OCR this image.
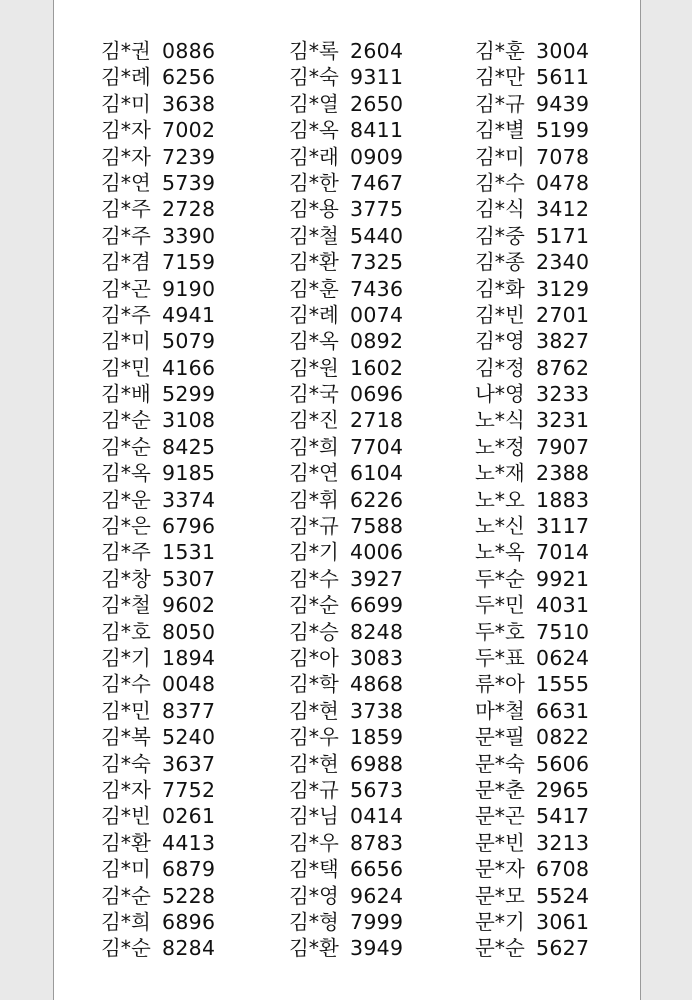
김*권 0886
김*례 6256
김*미 3638
김*자 7002
김*자 7239
김*연 5739
김*주 2728
김*주 3390
김*겸 7159
김*곤 9190
김*주 4941
김*미 5079
김*민 4166
김*배 5299
김*순 3108
김*순 8425
김*옥 9185
김*운 3374
김*은 6796
김*주 1531
김*창 5307
김*철 9602
김*호 8050
김*기 1894
김*수 0048
김*민 8377
김*복 5240
김*숙 3637
김*자 7752
김*빈 0261
김*환 4413
김*미 6879
김*순 5228
김*희 6896
김*순 8284
김*록 2604
김*숙 9311
김*열 2650
김*옥 8411
김*래 0909
김*한 7467
김*용 3775
김*철 5440
김*환 7325
김*훈 7436
김*례 0074
김*옥 0892
김*원 1602
김*국 0696
김*진 2718
김*희 7704
김*연 6104
김*휘 6226
김*규 7588
김*기 4006
김*수 3927
김*순 6699
김*승 8248
김*아 3083
김*학 4868
김*현 3738
김*우 1859
김*현 6988
김*규 5673
김*님 0414
김*우 8783
김*택 6656
김*영 9624
김*형 7999
김*환 3949
김*훈 3004
김*만 5611
김*규 9439
김*별 5199
김*미 7078
김*수 0478
김*식 3412
김*중 5171
김*종 2340
김*화 3129
김*빈 2701
김*영 3827
김*정 8762
나*영 3233
노*식 3231
노*정 7907
노*재 2388
노*오 1883
노*신 3117
노*옥 7014
두*순 9921
두*민 4031
두*호 7510
두*표 0624
류*아 1555
마*철 6631
문*필 0822
문*숙 5606
문*춘 2965
문*곤 5417
문*빈 3213
문*자 6708
문*모 5524
문*기 3061
문*순 5627
